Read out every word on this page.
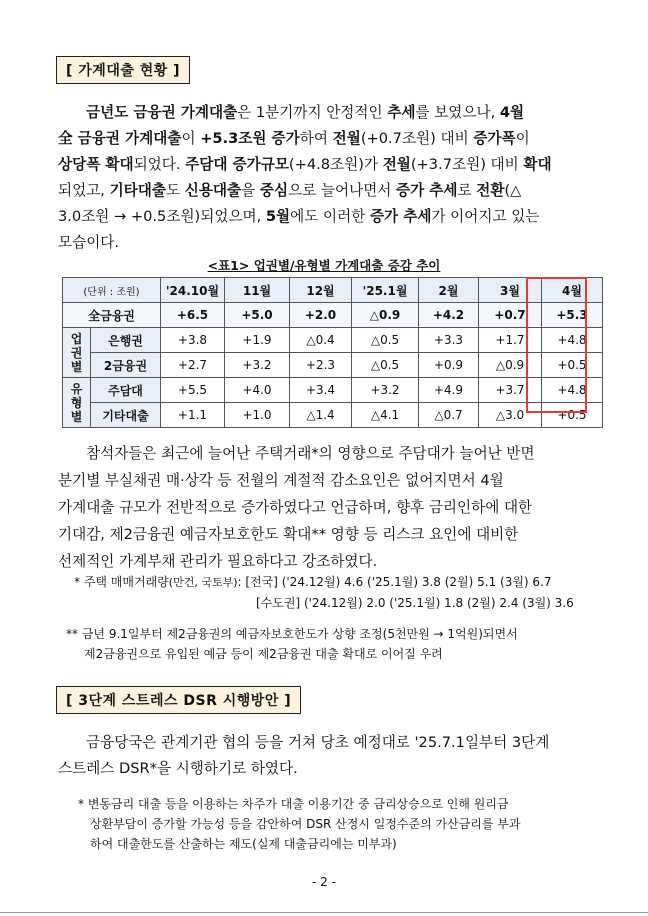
[ 가계대출 현황 ]
금년도 금융권 가계대출은 1분기까지 안정적인 추세를 보였으나, 4월
全 금융권 가계대출이 +5.3조원 증가하여 전월(+0.7조원) 대비 증가폭이
상당폭 확대되었다. 주담대 증가규모(+4.8조원)가 전월(+3.7조원) 대비 확대
되었고, 기타대출도 신용대출을 중심으로 늘어나면서 증가 추세로 전환(△
3.0조원 → +0.5조원)되었으며, 5월에도 이러한 증가 추세가 이어지고 있는
모습이다.
<표1> 업권별/유형별 가계대출 증감 추이
(단위 : 조원)		'24.10월	11월	12월	'25.1월	2월	3월	4월
全금융권		+6.5	+5.0	+2.0	△0.9	+4.2	+0.7	+5.3
업
권
별	은행권	+3.8	+1.9	△0.4	△0.5	+3.3	+1.7	+4.8
	2금융권	+2.7	+3.2	+2.3	△0.5	+0.9	△0.9	+0.5
유
형
별	주담대	+5.5	+4.0	+3.4	+3.2	+4.9	+3.7	+4.8
	기타대출	+1.1	+1.0	△1.4	△4.1	△0.7	△3.0	+0.5
참석자들은 최근에 늘어난 주택거래*의 영향으로 주담대가 늘어난 반면
분기별 부실채권 매·상각 등 전월의 계절적 감소요인은 없어지면서 4월
가계대출 규모가 전반적으로 증가하였다고 언급하며, 향후 금리인하에 대한
기대감, 제2금융권 예금자보호한도 확대** 영향 등 리스크 요인에 대비한
선제적인 가계부채 관리가 필요하다고 강조하였다.
* 주택 매매거래량(만건, 국토부): [전국] ('24.12월) 4.6 ('25.1월) 3.8 (2월) 5.1 (3월) 6.7
[수도권] ('24.12월) 2.0 ('25.1월) 1.8 (2월) 2.4 (3월) 3.6
** 금년 9.1일부터 제2금융권의 예금자보호한도가 상향 조정(5천만원 → 1억원)되면서
제2금융권으로 유입된 예금 등이 제2금융권 대출 확대로 이어질 우려
[ 3단계 스트레스 DSR 시행방안 ]
금융당국은 관계기관 협의 등을 거쳐 당초 예정대로 '25.7.1일부터 3단계
스트레스 DSR*을 시행하기로 하였다.
* 변동금리 대출 등을 이용하는 차주가 대출 이용기간 중 금리상승으로 인해 원리금
상환부담이 증가할 가능성 등을 감안하여 DSR 산정시 일정수준의 가산금리를 부과
하여 대출한도를 산출하는 제도(실제 대출금리에는 미부과)
- 2 -
